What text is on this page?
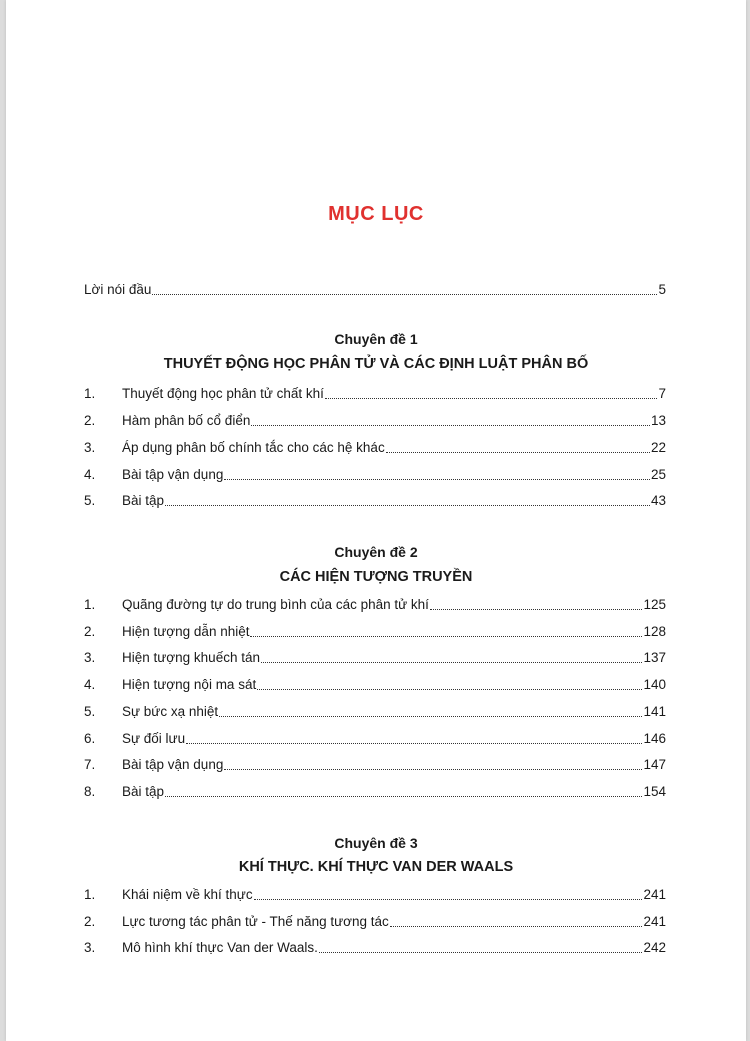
MỤC LỤC
Lời nói đầu	5
Chuyên đề 1
THUYẾT ĐỘNG HỌC PHÂN TỬ VÀ CÁC ĐỊNH LUẬT PHÂN BỐ
1.	Thuyết động học phân tử chất khí	7
2.	Hàm phân bố cổ điển	13
3.	Áp dụng phân bố chính tắc cho các hệ khác	22
4.	Bài tập vận dụng	25
5.	Bài tập	43
Chuyên đề 2
CÁC HIỆN TƯỢNG TRUYỀN
1.	Quãng đường tự do trung bình của các phân tử khí	125
2.	Hiện tượng dẫn nhiệt	128
3.	Hiện tượng khuếch tán	137
4.	Hiện tượng nội ma sát	140
5.	Sự bức xạ nhiệt	141
6.	Sự đối lưu	146
7.	Bài tập vận dụng	147
8.	Bài tập	154
Chuyên đề 3
KHÍ THỰC. KHÍ THỰC VAN DER WAALS
1.	Khái niệm về khí thực	241
2.	Lực tương tác phân tử - Thế năng tương tác	241
3.	Mô hình khí thực Van der Waals.	242
